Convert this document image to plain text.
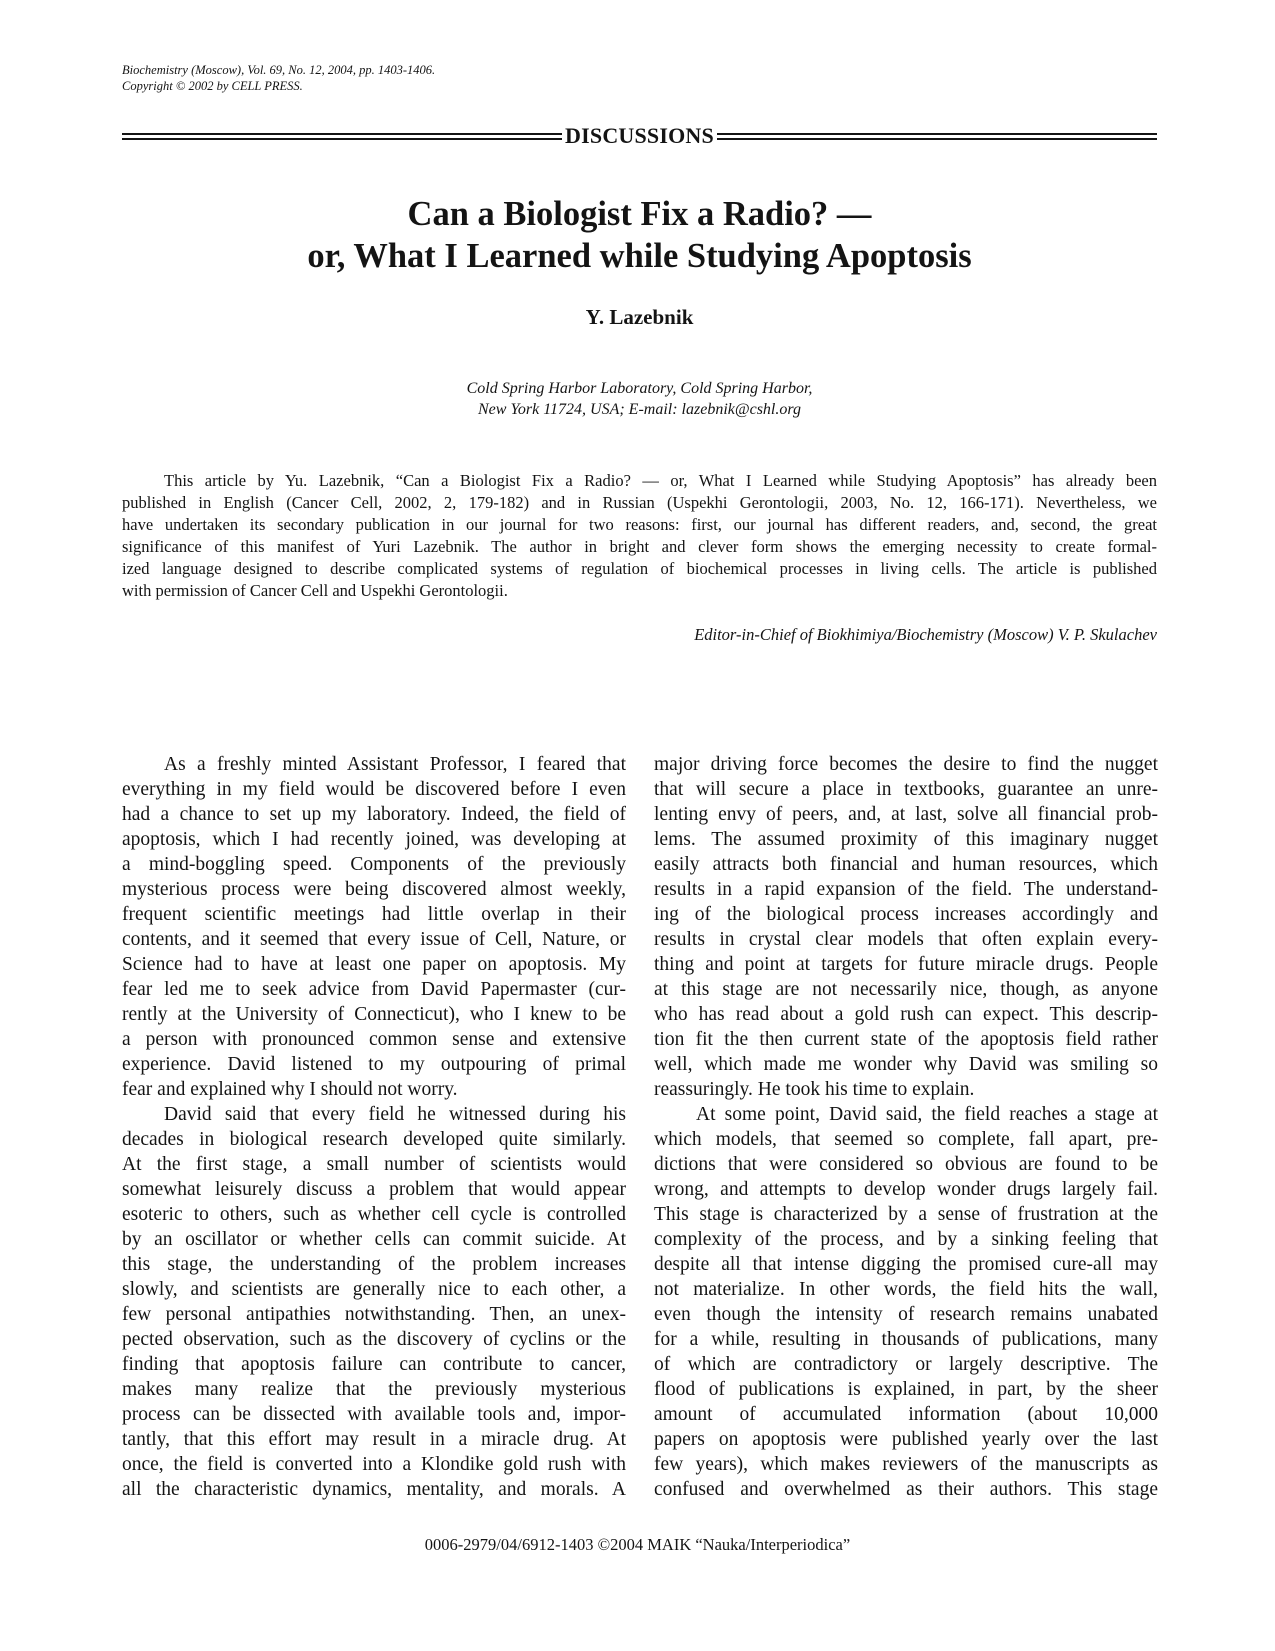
Biochemistry (Moscow), Vol. 69, No. 12, 2004, pp. 1403-1406.
Copyright © 2002 by CELL PRESS.
DISCUSSIONS
Can a Biologist Fix a Radio? —
or, What I Learned while Studying Apoptosis
Y. Lazebnik
Cold Spring Harbor Laboratory, Cold Spring Harbor,
New York 11724, USA; E-mail: lazebnik@cshl.org
This article by Yu. Lazebnik, “Can a Biologist Fix a Radio? — or, What I Learned while Studying Apoptosis” has already been
published in English (Cancer Cell, 2002, 2, 179-182) and in Russian (Uspekhi Gerontologii, 2003, No. 12, 166-171). Nevertheless, we
have undertaken its secondary publication in our journal for two reasons: first, our journal has different readers, and, second, the great
significance of this manifest of Yuri Lazebnik. The author in bright and clever form shows the emerging necessity to create formal-
ized language designed to describe complicated systems of regulation of biochemical processes in living cells. The article is published
with permission of Cancer Cell and Uspekhi Gerontologii.
Editor-in-Chief of Biokhimiya/Biochemistry (Moscow) V. P. Skulachev
As a freshly minted Assistant Professor, I feared that
everything in my field would be discovered before I even
had a chance to set up my laboratory. Indeed, the field of
apoptosis, which I had recently joined, was developing at
a mind-boggling speed. Components of the previously
mysterious process were being discovered almost weekly,
frequent scientific meetings had little overlap in their
contents, and it seemed that every issue of Cell, Nature, or
Science had to have at least one paper on apoptosis. My
fear led me to seek advice from David Papermaster (cur-
rently at the University of Connecticut), who I knew to be
a person with pronounced common sense and extensive
experience. David listened to my outpouring of primal
fear and explained why I should not worry.
David said that every field he witnessed during his
decades in biological research developed quite similarly.
At the first stage, a small number of scientists would
somewhat leisurely discuss a problem that would appear
esoteric to others, such as whether cell cycle is controlled
by an oscillator or whether cells can commit suicide. At
this stage, the understanding of the problem increases
slowly, and scientists are generally nice to each other, a
few personal antipathies notwithstanding. Then, an unex-
pected observation, such as the discovery of cyclins or the
finding that apoptosis failure can contribute to cancer,
makes many realize that the previously mysterious
process can be dissected with available tools and, impor-
tantly, that this effort may result in a miracle drug. At
once, the field is converted into a Klondike gold rush with
all the characteristic dynamics, mentality, and morals. A
major driving force becomes the desire to find the nugget
that will secure a place in textbooks, guarantee an unre-
lenting envy of peers, and, at last, solve all financial prob-
lems. The assumed proximity of this imaginary nugget
easily attracts both financial and human resources, which
results in a rapid expansion of the field. The understand-
ing of the biological process increases accordingly and
results in crystal clear models that often explain every-
thing and point at targets for future miracle drugs. People
at this stage are not necessarily nice, though, as anyone
who has read about a gold rush can expect. This descrip-
tion fit the then current state of the apoptosis field rather
well, which made me wonder why David was smiling so
reassuringly. He took his time to explain.
At some point, David said, the field reaches a stage at
which models, that seemed so complete, fall apart, pre-
dictions that were considered so obvious are found to be
wrong, and attempts to develop wonder drugs largely fail.
This stage is characterized by a sense of frustration at the
complexity of the process, and by a sinking feeling that
despite all that intense digging the promised cure-all may
not materialize. In other words, the field hits the wall,
even though the intensity of research remains unabated
for a while, resulting in thousands of publications, many
of which are contradictory or largely descriptive. The
flood of publications is explained, in part, by the sheer
amount of accumulated information (about 10,000
papers on apoptosis were published yearly over the last
few years), which makes reviewers of the manuscripts as
confused and overwhelmed as their authors. This stage
0006-2979/04/6912-1403 ©2004 MAIK “Nauka/Interperiodica”
